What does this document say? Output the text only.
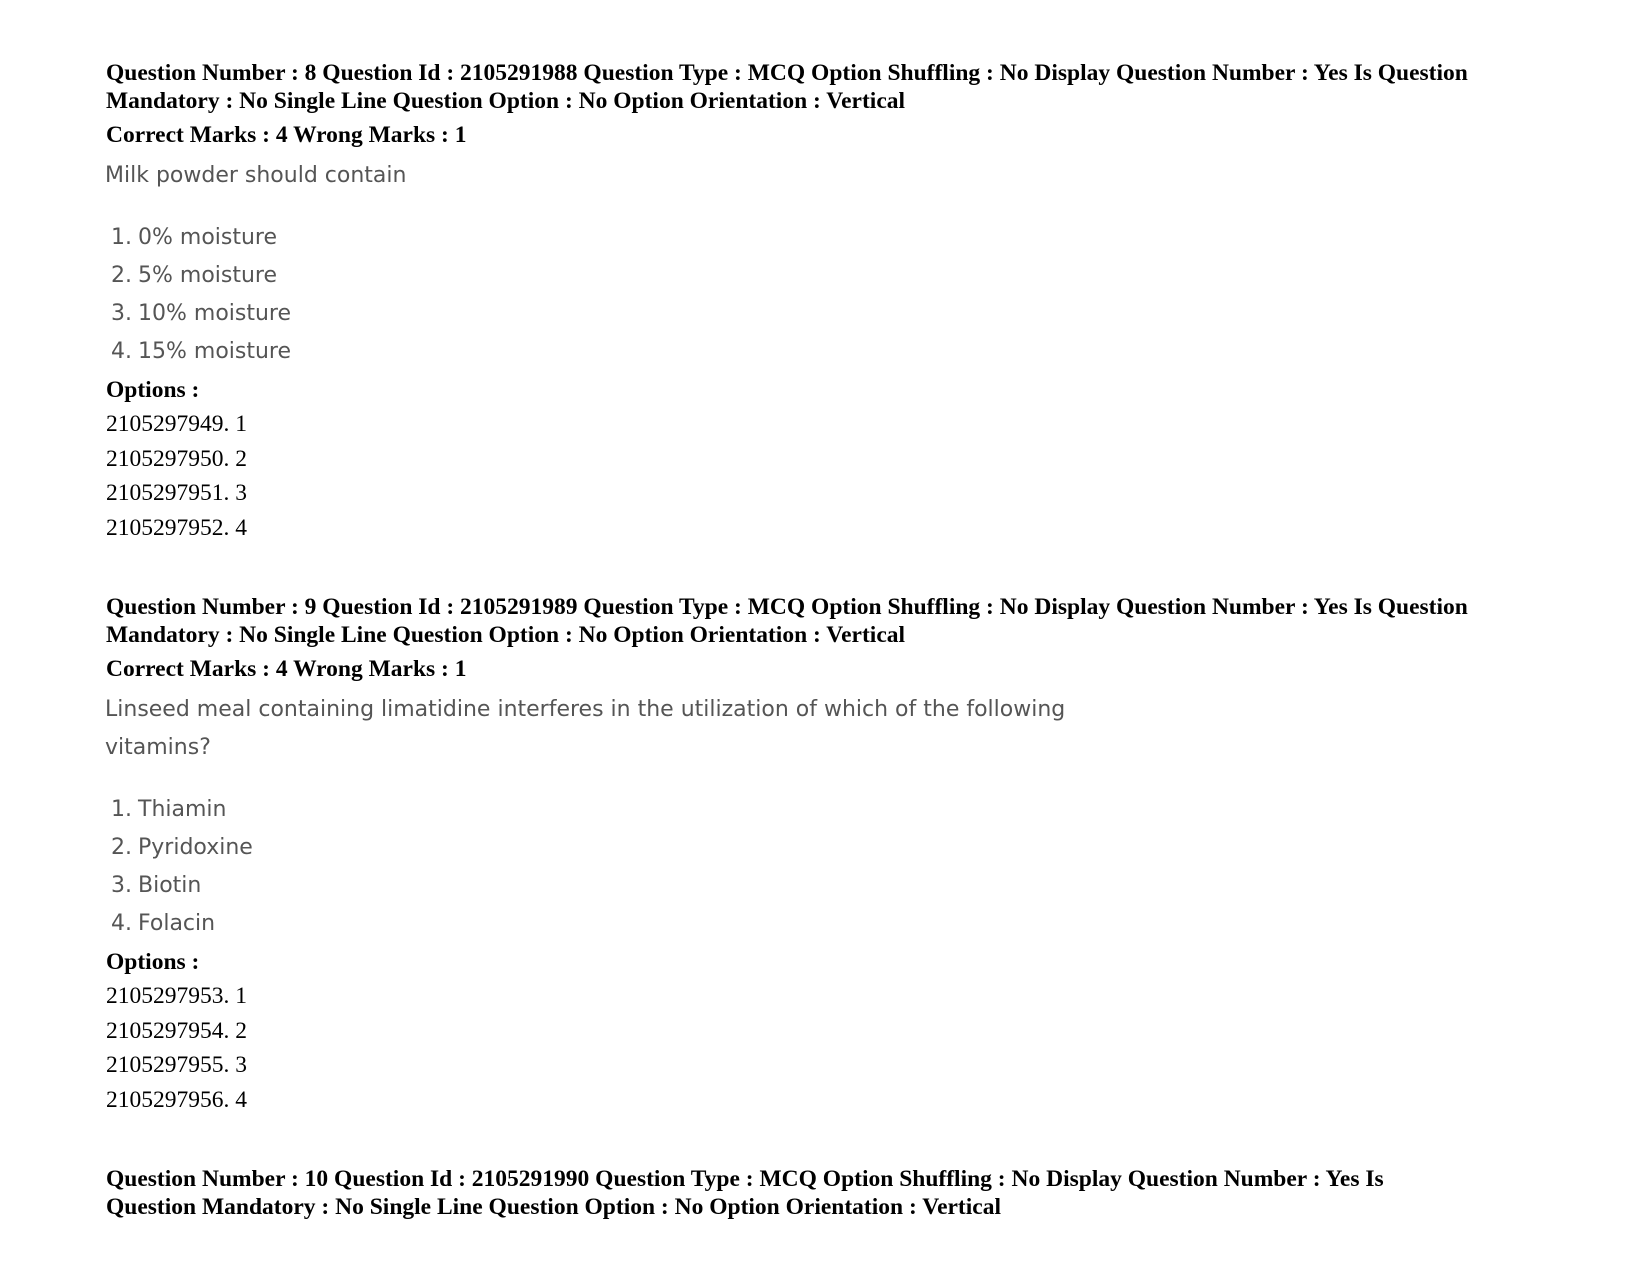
Question Number : 8 Question Id : 2105291988 Question Type : MCQ Option Shuffling : No Display Question Number : Yes Is Question
Mandatory : No Single Line Question Option : No Option Orientation : Vertical
Correct Marks : 4 Wrong Marks : 1

Milk powder should contain

1. 0% moisture
2. 5% moisture
3. 10% moisture
4. 15% moisture
Options :
2105297949. 1
2105297950. 2
2105297951. 3
2105297952. 4
Question Number : 9 Question Id : 2105291989 Question Type : MCQ Option Shuffling : No Display Question Number : Yes Is Question
Mandatory : No Single Line Question Option : No Option Orientation : Vertical
Correct Marks : 4 Wrong Marks : 1

Linseed meal containing limatidine interferes in the utilization of which of the following

vitamins?

1. Thiamin
2. Pyridoxine
3. Biotin
4. Folacin
Options :
2105297953. 1
2105297954. 2
2105297955. 3
2105297956. 4
Question Number : 10 Question Id : 2105291990 Question Type : MCQ Option Shuffling : No Display Question Number : Yes Is
Question Mandatory : No Single Line Question Option : No Option Orientation : Vertical
